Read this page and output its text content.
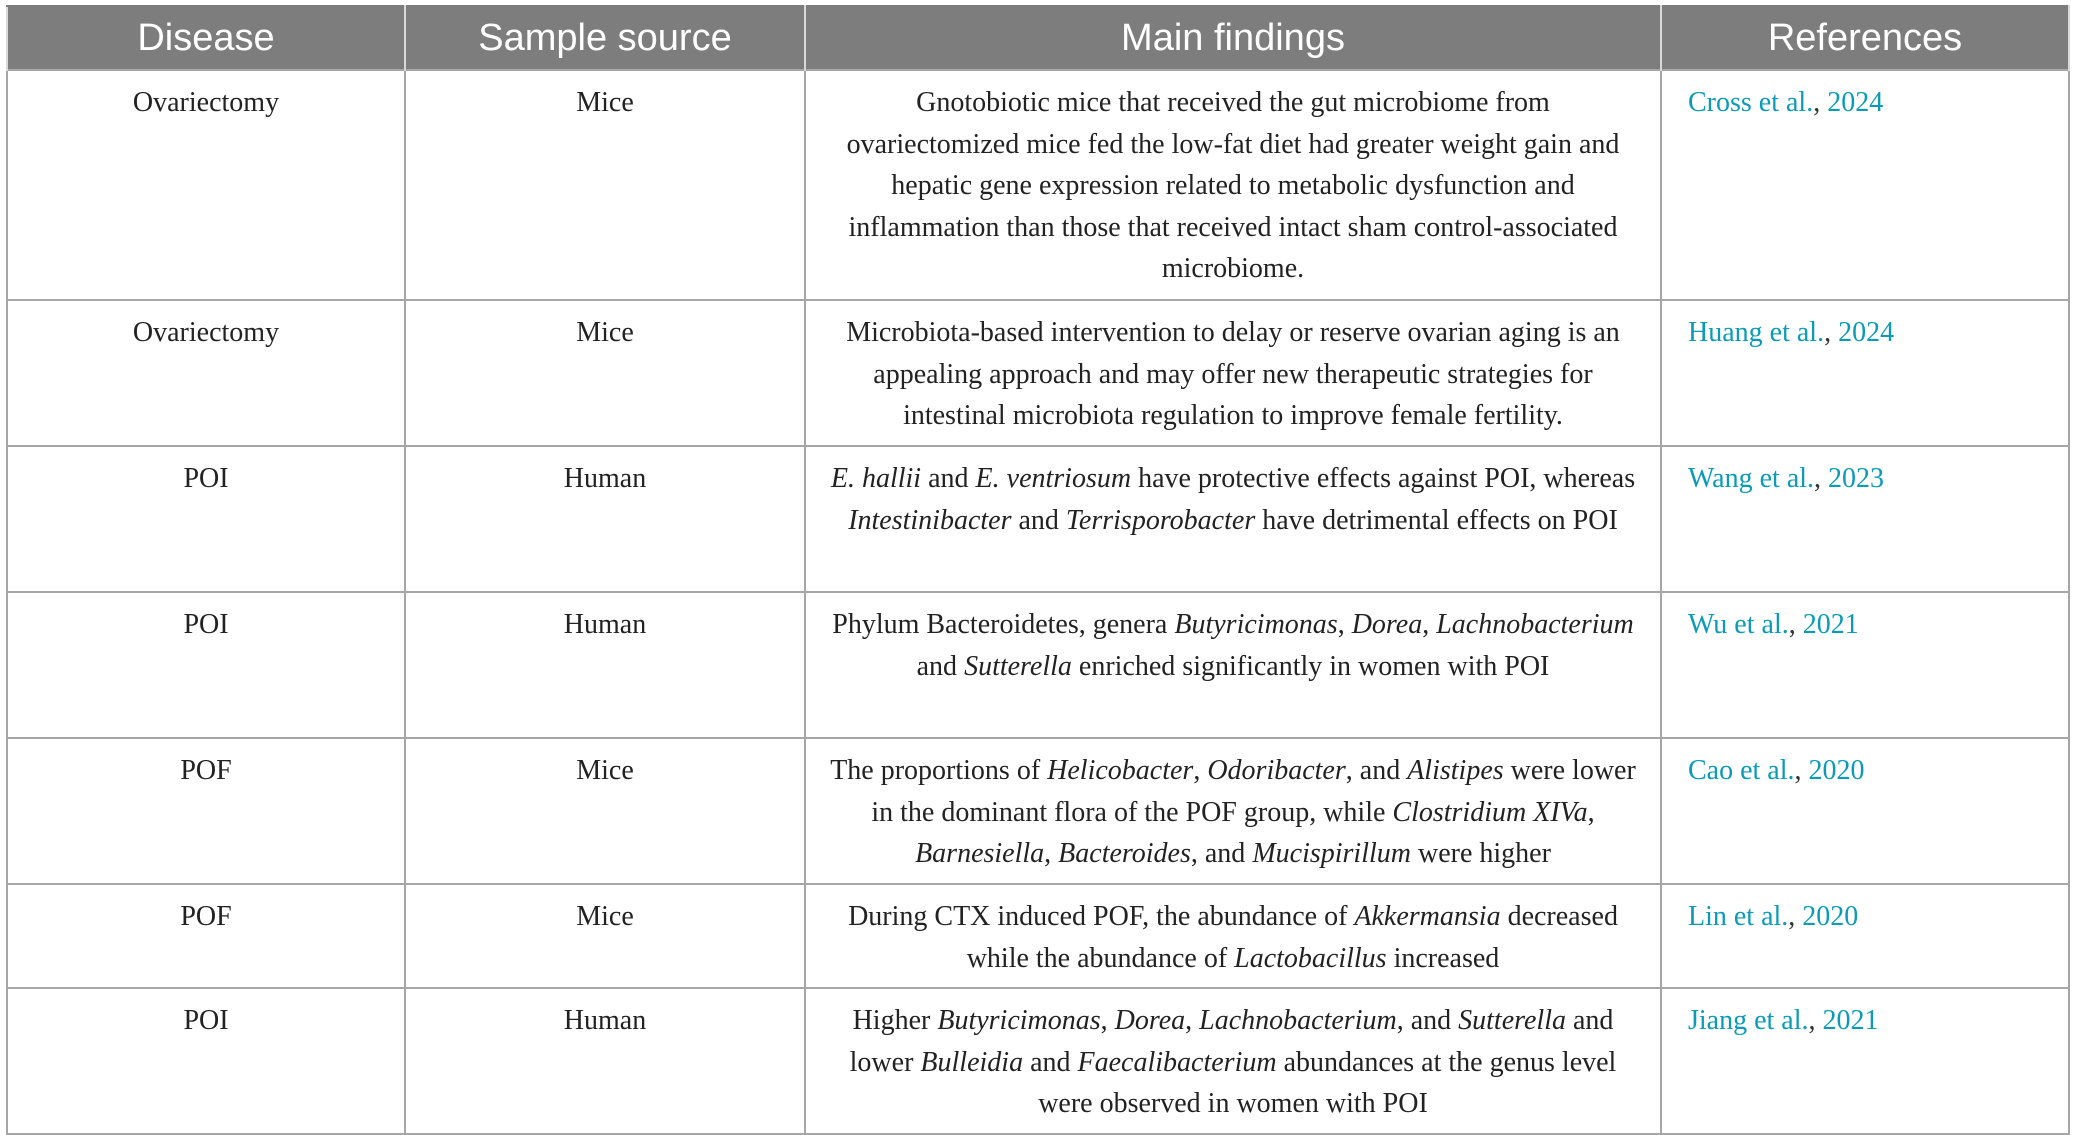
Disease	Sample source	Main findings	References
Ovariectomy	Mice	Gnotobiotic mice that received the gut microbiome from ovariectomized mice fed the low-fat diet had greater weight gain and hepatic gene expression related to metabolic dysfunction and inflammation than those that received intact sham control-associated microbiome.	Cross et al., 2024
Ovariectomy	Mice	Microbiota-based intervention to delay or reserve ovarian aging is an appealing approach and may offer new therapeutic strategies for intestinal microbiota regulation to improve female fertility.	Huang et al., 2024
POI	Human	E. hallii and E. ventriosum have protective effects against POI, whereas Intestinibacter and Terrisporobacter have detrimental effects on POI	Wang et al., 2023
POI	Human	Phylum Bacteroidetes, genera Butyricimonas, Dorea, Lachnobacterium and Sutterella enriched significantly in women with POI	Wu et al., 2021
POF	Mice	The proportions of Helicobacter, Odoribacter, and Alistipes were lower in the dominant flora of the POF group, while Clostridium XIVa, Barnesiella, Bacteroides, and Mucispirillum were higher	Cao et al., 2020
POF	Mice	During CTX induced POF, the abundance of Akkermansia decreased while the abundance of Lactobacillus increased	Lin et al., 2020
POI	Human	Higher Butyricimonas, Dorea, Lachnobacterium, and Sutterella and lower Bulleidia and Faecalibacterium abundances at the genus level were observed in women with POI	Jiang et al., 2021
